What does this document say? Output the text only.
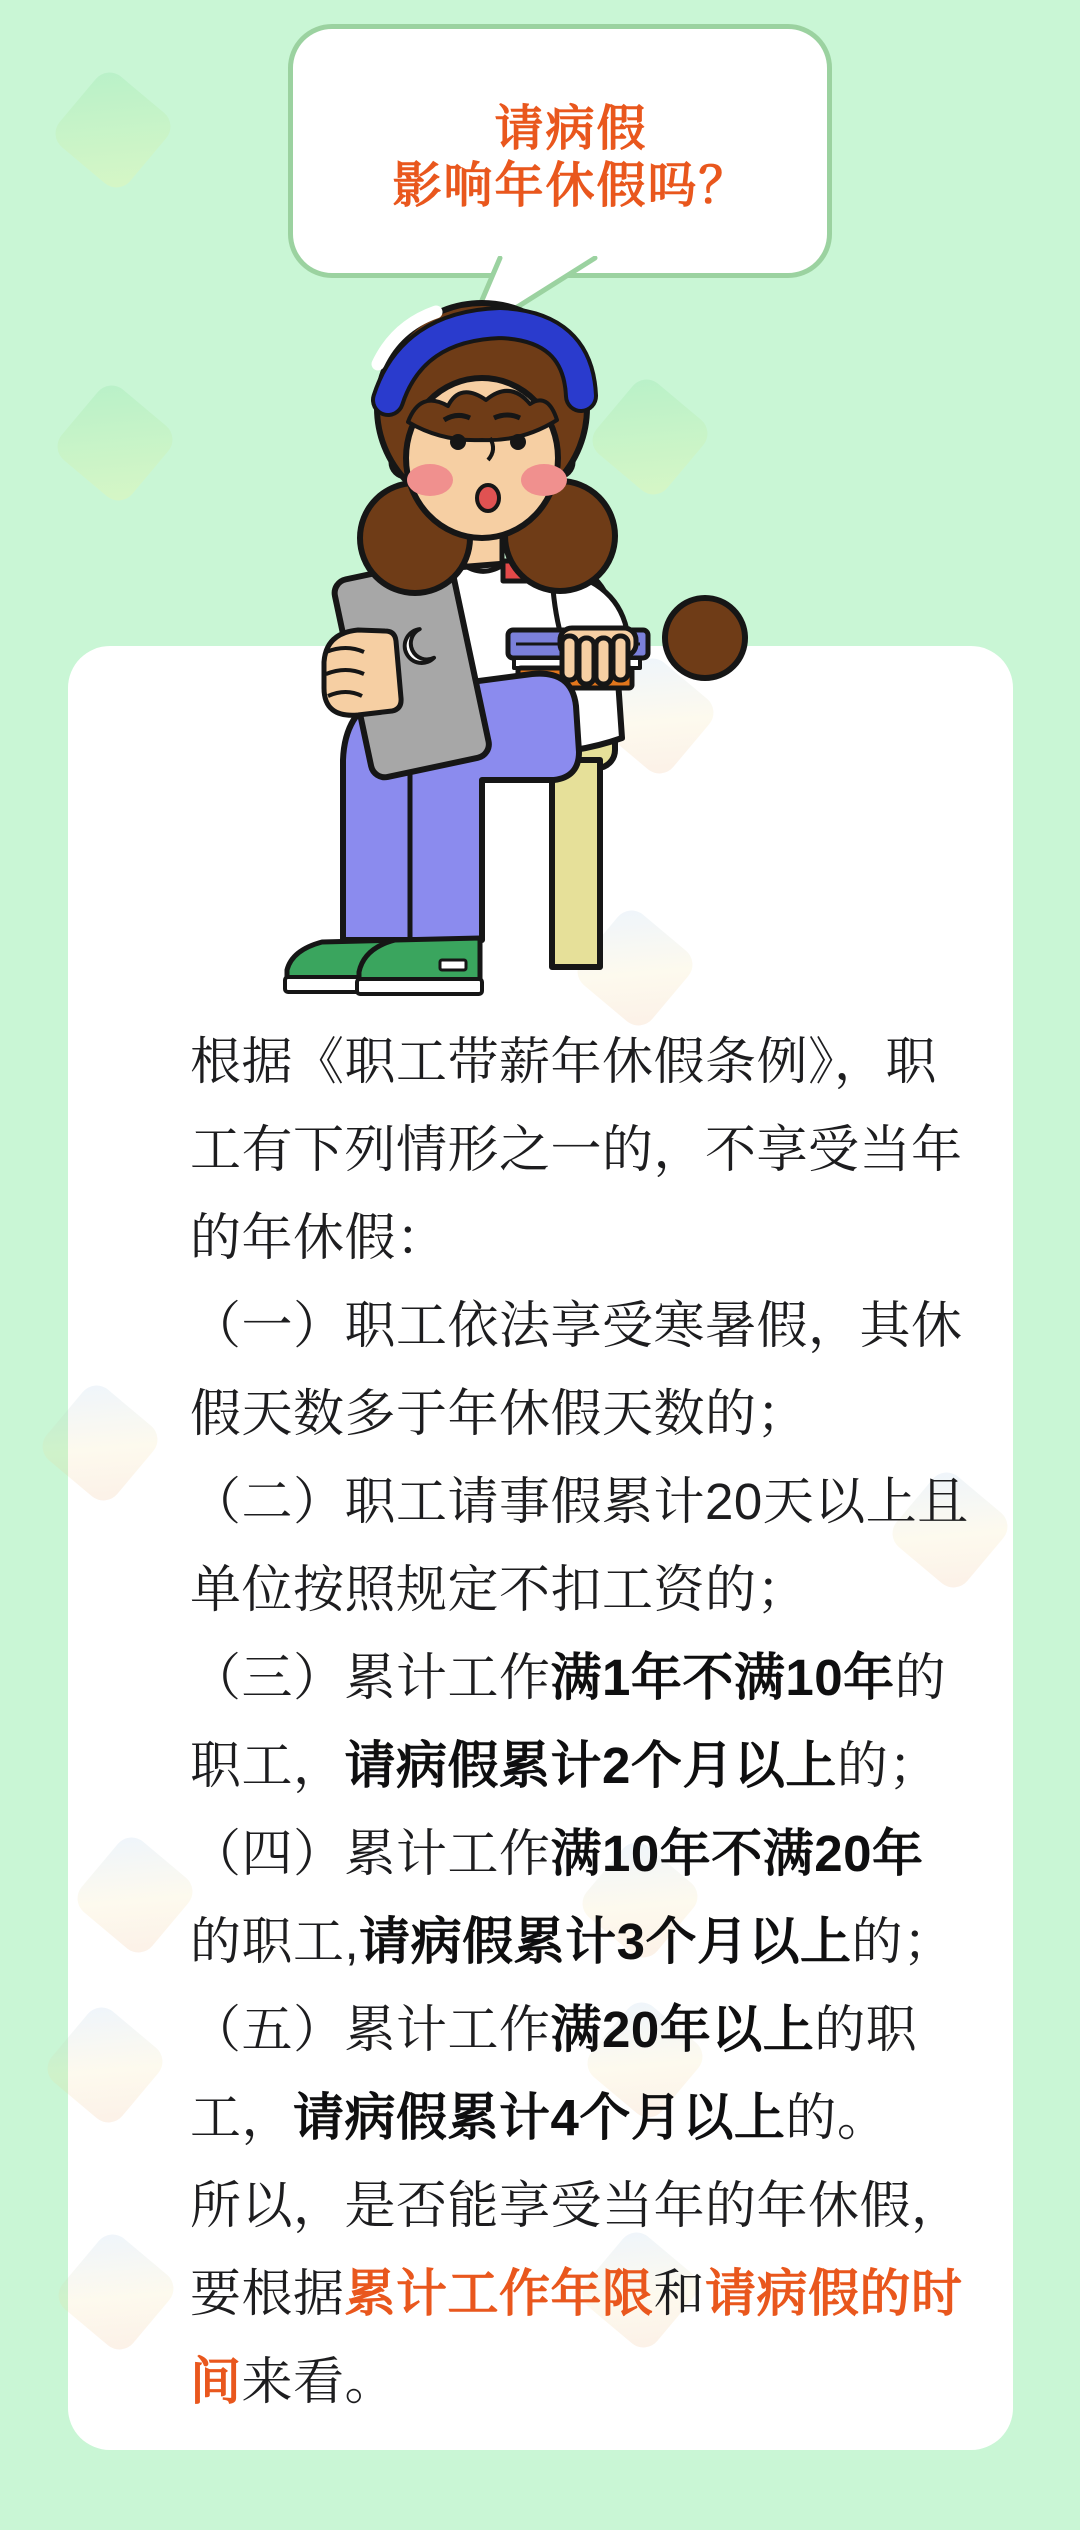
请病假
影响年休假吗？
根据《职工带薪年休假条例》，职
工有下列情形之一的，不享受当年
的年休假：
（一）职工依法享受寒暑假，其休
假天数多于年休假天数的；
（二）职工请事假累计20天以上且
单位按照规定不扣工资的；
（三）累计工作满1年不满10年的
职工，请病假累计2个月以上的；
（四）累计工作满10年不满20年
的职工,请病假累计3个月以上的；
（五）累计工作满20年以上的职
工，请病假累计4个月以上的。
所以，是否能享受当年的年休假，
要根据累计工作年限和请病假的时
间来看。
